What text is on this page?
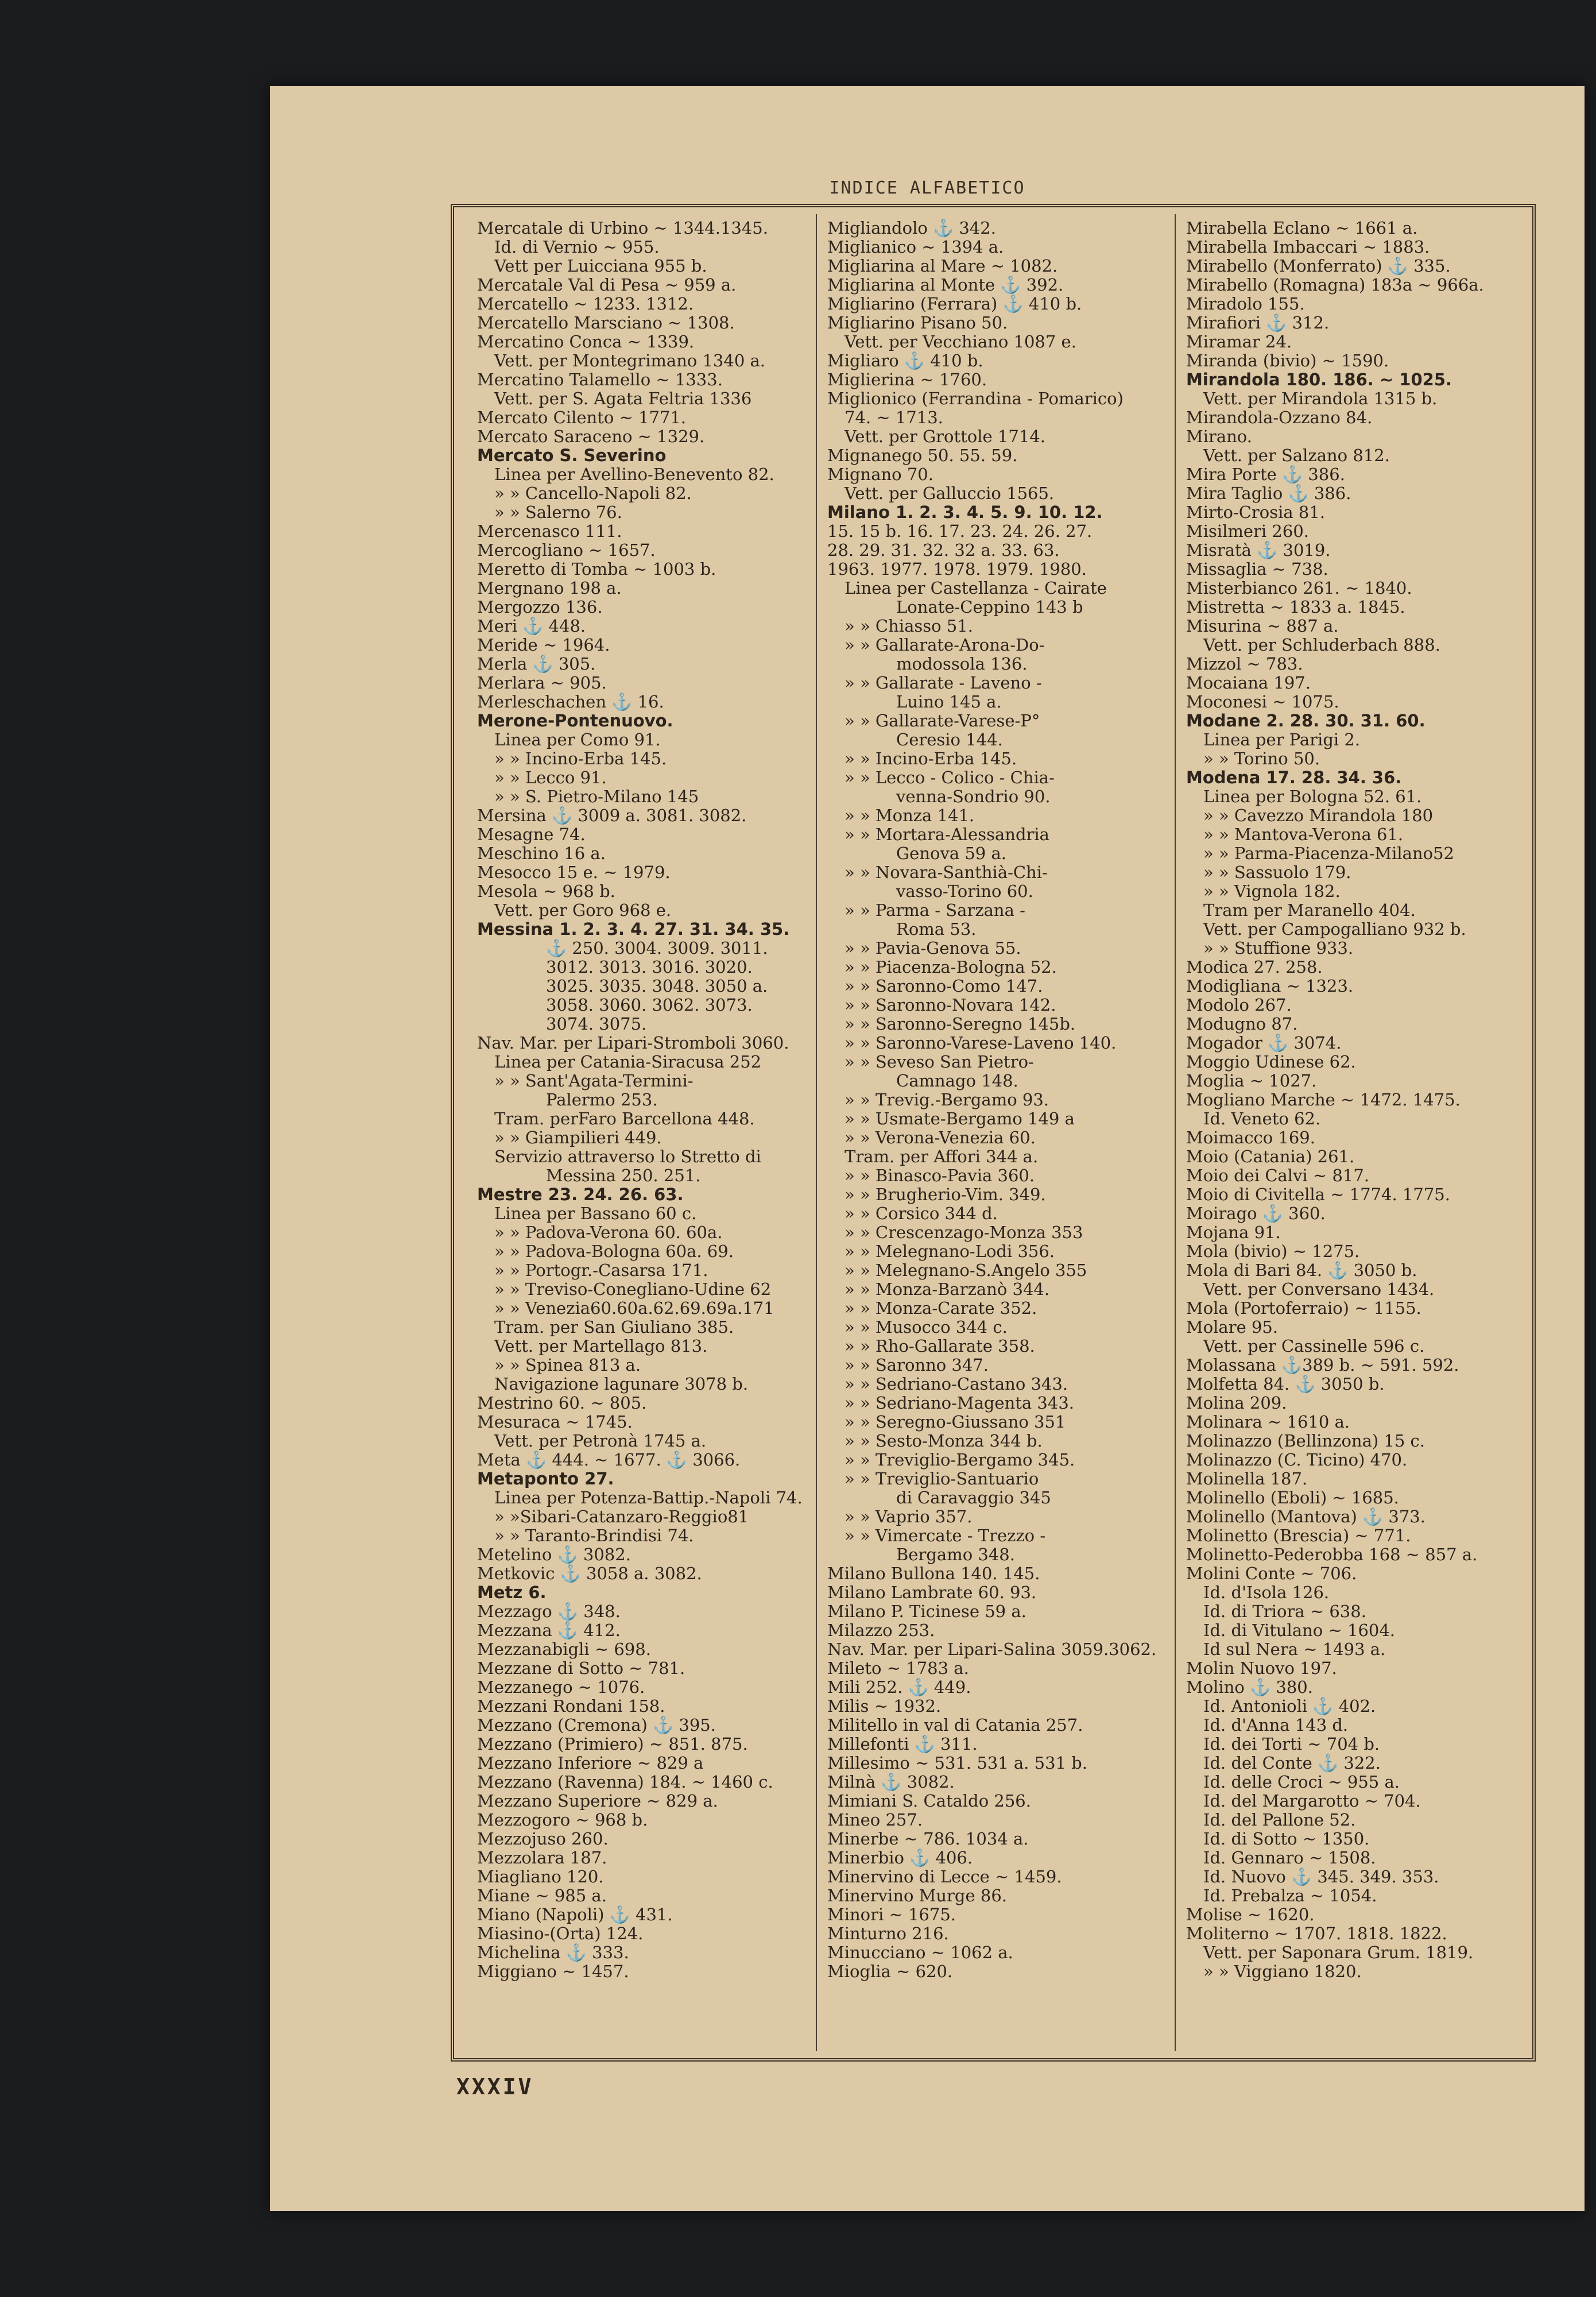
INDICE ALFABETICO
Mercatale di Urbino ~ 1344.1345.
Id. di Vernio ~ 955.
Vett per Luicciana 955 b.
Mercatale Val di Pesa ~ 959 a.
Mercatello ~ 1233. 1312.
Mercatello Marsciano ~ 1308.
Mercatino Conca ~ 1339.
Vett. per Montegrimano 1340 a.
Mercatino Talamello ~ 1333.
Vett. per S. Agata Feltria 1336
Mercato Cilento ~ 1771.
Mercato Saraceno ~ 1329.
Mercato S. Severino
Linea per Avellino-Benevento 82.
» » Cancello-Napoli 82.
» » Salerno 76.
Mercenasco 111.
Mercogliano ~ 1657.
Meretto di Tomba ~ 1003 b.
Mergnano 198 a.
Mergozzo 136.
Meri ⚓ 448.
Meride ~ 1964.
Merla ⚓ 305.
Merlara ~ 905.
Merleschachen ⚓ 16.
Merone-Pontenuovo.
Linea per Como 91.
» » Incino-Erba 145.
» » Lecco 91.
» » S. Pietro-Milano 145
Mersina ⚓ 3009 a. 3081. 3082.
Mesagne 74.
Meschino 16 a.
Mesocco 15 e. ~ 1979.
Mesola ~ 968 b.
Vett. per Goro 968 e.
Messina 1. 2. 3. 4. 27. 31. 34. 35.
⚓ 250. 3004. 3009. 3011.
3012. 3013. 3016. 3020.
3025. 3035. 3048. 3050 a.
3058. 3060. 3062. 3073.
3074. 3075.
Nav. Mar. per Lipari-Stromboli 3060.
Linea per Catania-Siracusa 252
» » Sant'Agata-Termini-
Palermo 253.
Tram. perFaro Barcellona 448.
» » Giampilieri 449.
Servizio attraverso lo Stretto di
Messina 250. 251.
Mestre 23. 24. 26. 63.
Linea per Bassano 60 c.
» » Padova-Verona 60. 60a.
» » Padova-Bologna 60a. 69.
» » Portogr.-Casarsa 171.
» » Treviso-Conegliano-Udine 62
» » Venezia60.60a.62.69.69a.171
Tram. per San Giuliano 385.
Vett. per Martellago 813.
» » Spinea 813 a.
Navigazione lagunare 3078 b.
Mestrino 60. ~ 805.
Mesuraca ~ 1745.
Vett. per Petronà 1745 a.
Meta ⚓ 444. ~ 1677. ⚓ 3066.
Metaponto 27.
Linea per Potenza-Battip.-Napoli 74.
» »Sibari-Catanzaro-Reggio81
» » Taranto-Brindisi 74.
Metelino ⚓ 3082.
Metkovic ⚓ 3058 a. 3082.
Metz 6.
Mezzago ⚓ 348.
Mezzana ⚓ 412.
Mezzanabigli ~ 698.
Mezzane di Sotto ~ 781.
Mezzanego ~ 1076.
Mezzani Rondani 158.
Mezzano (Cremona) ⚓ 395.
Mezzano (Primiero) ~ 851. 875.
Mezzano Inferiore ~ 829 a
Mezzano (Ravenna) 184. ~ 1460 c.
Mezzano Superiore ~ 829 a.
Mezzogoro ~ 968 b.
Mezzojuso 260.
Mezzolara 187.
Miagliano 120.
Miane ~ 985 a.
Miano (Napoli) ⚓ 431.
Miasino-(Orta) 124.
Michelina ⚓ 333.
Miggiano ~ 1457.
Migliandolo ⚓ 342.
Miglianico ~ 1394 a.
Migliarina al Mare ~ 1082.
Migliarina al Monte ⚓ 392.
Migliarino (Ferrara) ⚓ 410 b.
Migliarino Pisano 50.
Vett. per Vecchiano 1087 e.
Migliaro ⚓ 410 b.
Miglierina ~ 1760.
Miglionico (Ferrandina - Pomarico)
74. ~ 1713.
Vett. per Grottole 1714.
Mignanego 50. 55. 59.
Mignano 70.
Vett. per Galluccio 1565.
Milano 1. 2. 3. 4. 5. 9. 10. 12.
15. 15 b. 16. 17. 23. 24. 26. 27.
28. 29. 31. 32. 32 a. 33. 63.
1963. 1977. 1978. 1979. 1980.
Linea per Castellanza - Cairate
Lonate-Ceppino 143 b
» » Chiasso 51.
» » Gallarate-Arona-Do-
modossola 136.
» » Gallarate - Laveno -
Luino 145 a.
» » Gallarate-Varese-P°
Ceresio 144.
» » Incino-Erba 145.
» » Lecco - Colico - Chia-
venna-Sondrio 90.
» » Monza 141.
» » Mortara-Alessandria
Genova 59 a.
» » Novara-Santhià-Chi-
vasso-Torino 60.
» » Parma - Sarzana -
Roma 53.
» » Pavia-Genova 55.
» » Piacenza-Bologna 52.
» » Saronno-Como 147.
» » Saronno-Novara 142.
» » Saronno-Seregno 145b.
» » Saronno-Varese-Laveno 140.
» » Seveso San Pietro-
Camnago 148.
» » Trevig.-Bergamo 93.
» » Usmate-Bergamo 149 a
» » Verona-Venezia 60.
Tram. per Affori 344 a.
» » Binasco-Pavia 360.
» » Brugherio-Vim. 349.
» » Corsico 344 d.
» » Crescenzago-Monza 353
» » Melegnano-Lodi 356.
» » Melegnano-S.Angelo 355
» » Monza-Barzanò 344.
» » Monza-Carate 352.
» » Musocco 344 c.
» » Rho-Gallarate 358.
» » Saronno 347.
» » Sedriano-Castano 343.
» » Sedriano-Magenta 343.
» » Seregno-Giussano 351
» » Sesto-Monza 344 b.
» » Treviglio-Bergamo 345.
» » Treviglio-Santuario
di Caravaggio 345
» » Vaprio 357.
» » Vimercate - Trezzo -
Bergamo 348.
Milano Bullona 140. 145.
Milano Lambrate 60. 93.
Milano P. Ticinese 59 a.
Milazzo 253.
Nav. Mar. per Lipari-Salina 3059.3062.
Mileto ~ 1783 a.
Mili 252. ⚓ 449.
Milis ~ 1932.
Militello in val di Catania 257.
Millefonti ⚓ 311.
Millesimo ~ 531. 531 a. 531 b.
Milnà ⚓ 3082.
Mimiani S. Cataldo 256.
Mineo 257.
Minerbe ~ 786. 1034 a.
Minerbio ⚓ 406.
Minervino di Lecce ~ 1459.
Minervino Murge 86.
Minori ~ 1675.
Minturno 216.
Minucciano ~ 1062 a.
Mioglia ~ 620.
Mirabella Eclano ~ 1661 a.
Mirabella Imbaccari ~ 1883.
Mirabello (Monferrato) ⚓ 335.
Mirabello (Romagna) 183a ~ 966a.
Miradolo 155.
Mirafiori ⚓ 312.
Miramar 24.
Miranda (bivio) ~ 1590.
Mirandola 180. 186. ~ 1025.
Vett. per Mirandola 1315 b.
Mirandola-Ozzano 84.
Mirano.
Vett. per Salzano 812.
Mira Porte ⚓ 386.
Mira Taglio ⚓ 386.
Mirto-Crosia 81.
Misilmeri 260.
Misratà ⚓ 3019.
Missaglia ~ 738.
Misterbianco 261. ~ 1840.
Mistretta ~ 1833 a. 1845.
Misurina ~ 887 a.
Vett. per Schluderbach 888.
Mizzol ~ 783.
Mocaiana 197.
Moconesi ~ 1075.
Modane 2. 28. 30. 31. 60.
Linea per Parigi 2.
» » Torino 50.
Modena 17. 28. 34. 36.
Linea per Bologna 52. 61.
» » Cavezzo Mirandola 180
» » Mantova-Verona 61.
» » Parma-Piacenza-Milano52
» » Sassuolo 179.
» » Vignola 182.
Tram per Maranello 404.
Vett. per Campogalliano 932 b.
» » Stuffione 933.
Modica 27. 258.
Modigliana ~ 1323.
Modolo 267.
Modugno 87.
Mogador ⚓ 3074.
Moggio Udinese 62.
Moglia ~ 1027.
Mogliano Marche ~ 1472. 1475.
Id. Veneto 62.
Moimacco 169.
Moio (Catania) 261.
Moio dei Calvi ~ 817.
Moio di Civitella ~ 1774. 1775.
Moirago ⚓ 360.
Mojana 91.
Mola (bivio) ~ 1275.
Mola di Bari 84. ⚓ 3050 b.
Vett. per Conversano 1434.
Mola (Portoferraio) ~ 1155.
Molare 95.
Vett. per Cassinelle 596 c.
Molassana ⚓389 b. ~ 591. 592.
Molfetta 84. ⚓ 3050 b.
Molina 209.
Molinara ~ 1610 a.
Molinazzo (Bellinzona) 15 c.
Molinazzo (C. Ticino) 470.
Molinella 187.
Molinello (Eboli) ~ 1685.
Molinello (Mantova) ⚓ 373.
Molinetto (Brescia) ~ 771.
Molinetto-Pederobba 168 ~ 857 a.
Molini Conte ~ 706.
Id. d'Isola 126.
Id. di Triora ~ 638.
Id. di Vitulano ~ 1604.
Id sul Nera ~ 1493 a.
Molin Nuovo 197.
Molino ⚓ 380.
Id. Antonioli ⚓ 402.
Id. d'Anna 143 d.
Id. dei Torti ~ 704 b.
Id. del Conte ⚓ 322.
Id. delle Croci ~ 955 a.
Id. del Margarotto ~ 704.
Id. del Pallone 52.
Id. di Sotto ~ 1350.
Id. Gennaro ~ 1508.
Id. Nuovo ⚓ 345. 349. 353.
Id. Prebalza ~ 1054.
Molise ~ 1620.
Moliterno ~ 1707. 1818. 1822.
Vett. per Saponara Grum. 1819.
» » Viggiano 1820.
XXXIV
